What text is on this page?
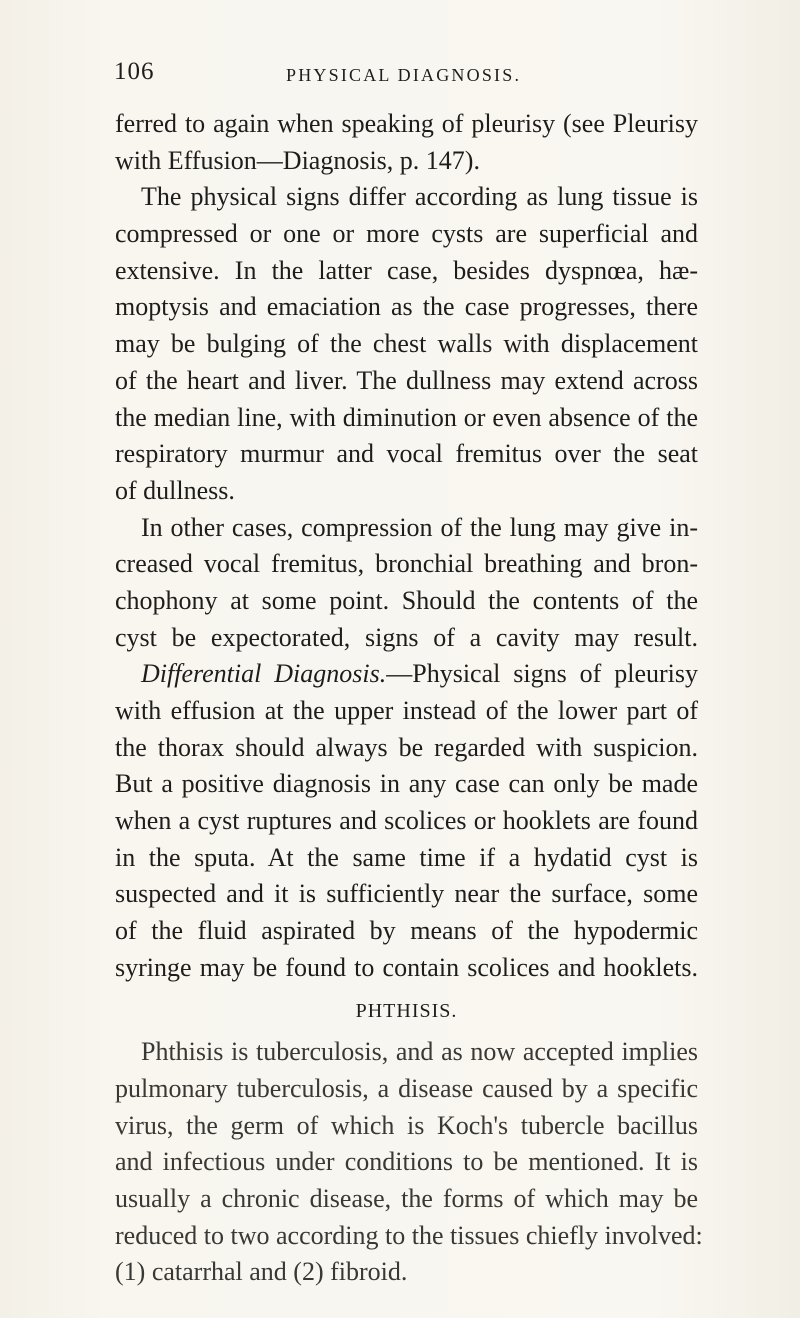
106	PHYSICAL DIAGNOSIS.
ferred to again when speaking of pleurisy (see Pleurisy
with Effusion—Diagnosis, p. 147).
The physical signs differ according as lung tissue is
compressed or one or more cysts are superficial and
extensive. In the latter case, besides dyspnœa, hæ-
moptysis and emaciation as the case progresses, there
may be bulging of the chest walls with displacement
of the heart and liver. The dullness may extend across
the median line, with diminution or even absence of the
respiratory murmur and vocal fremitus over the seat
of dullness.
In other cases, compression of the lung may give in-
creased vocal fremitus, bronchial breathing and bron-
chophony at some point. Should the contents of the
cyst be expectorated, signs of a cavity may result.
Differential Diagnosis.—Physical signs of pleurisy
with effusion at the upper instead of the lower part of
the thorax should always be regarded with suspicion.
But a positive diagnosis in any case can only be made
when a cyst ruptures and scolices or hooklets are found
in the sputa. At the same time if a hydatid cyst is
suspected and it is sufficiently near the surface, some
of the fluid aspirated by means of the hypodermic
syringe may be found to contain scolices and hooklets.
PHTHISIS.
Phthisis is tuberculosis, and as now accepted implies
pulmonary tuberculosis, a disease caused by a specific
virus, the germ of which is Koch's tubercle bacillus
and infectious under conditions to be mentioned. It is
usually a chronic disease, the forms of which may be
reduced to two according to the tissues chiefly involved:
(1) catarrhal and (2) fibroid.
